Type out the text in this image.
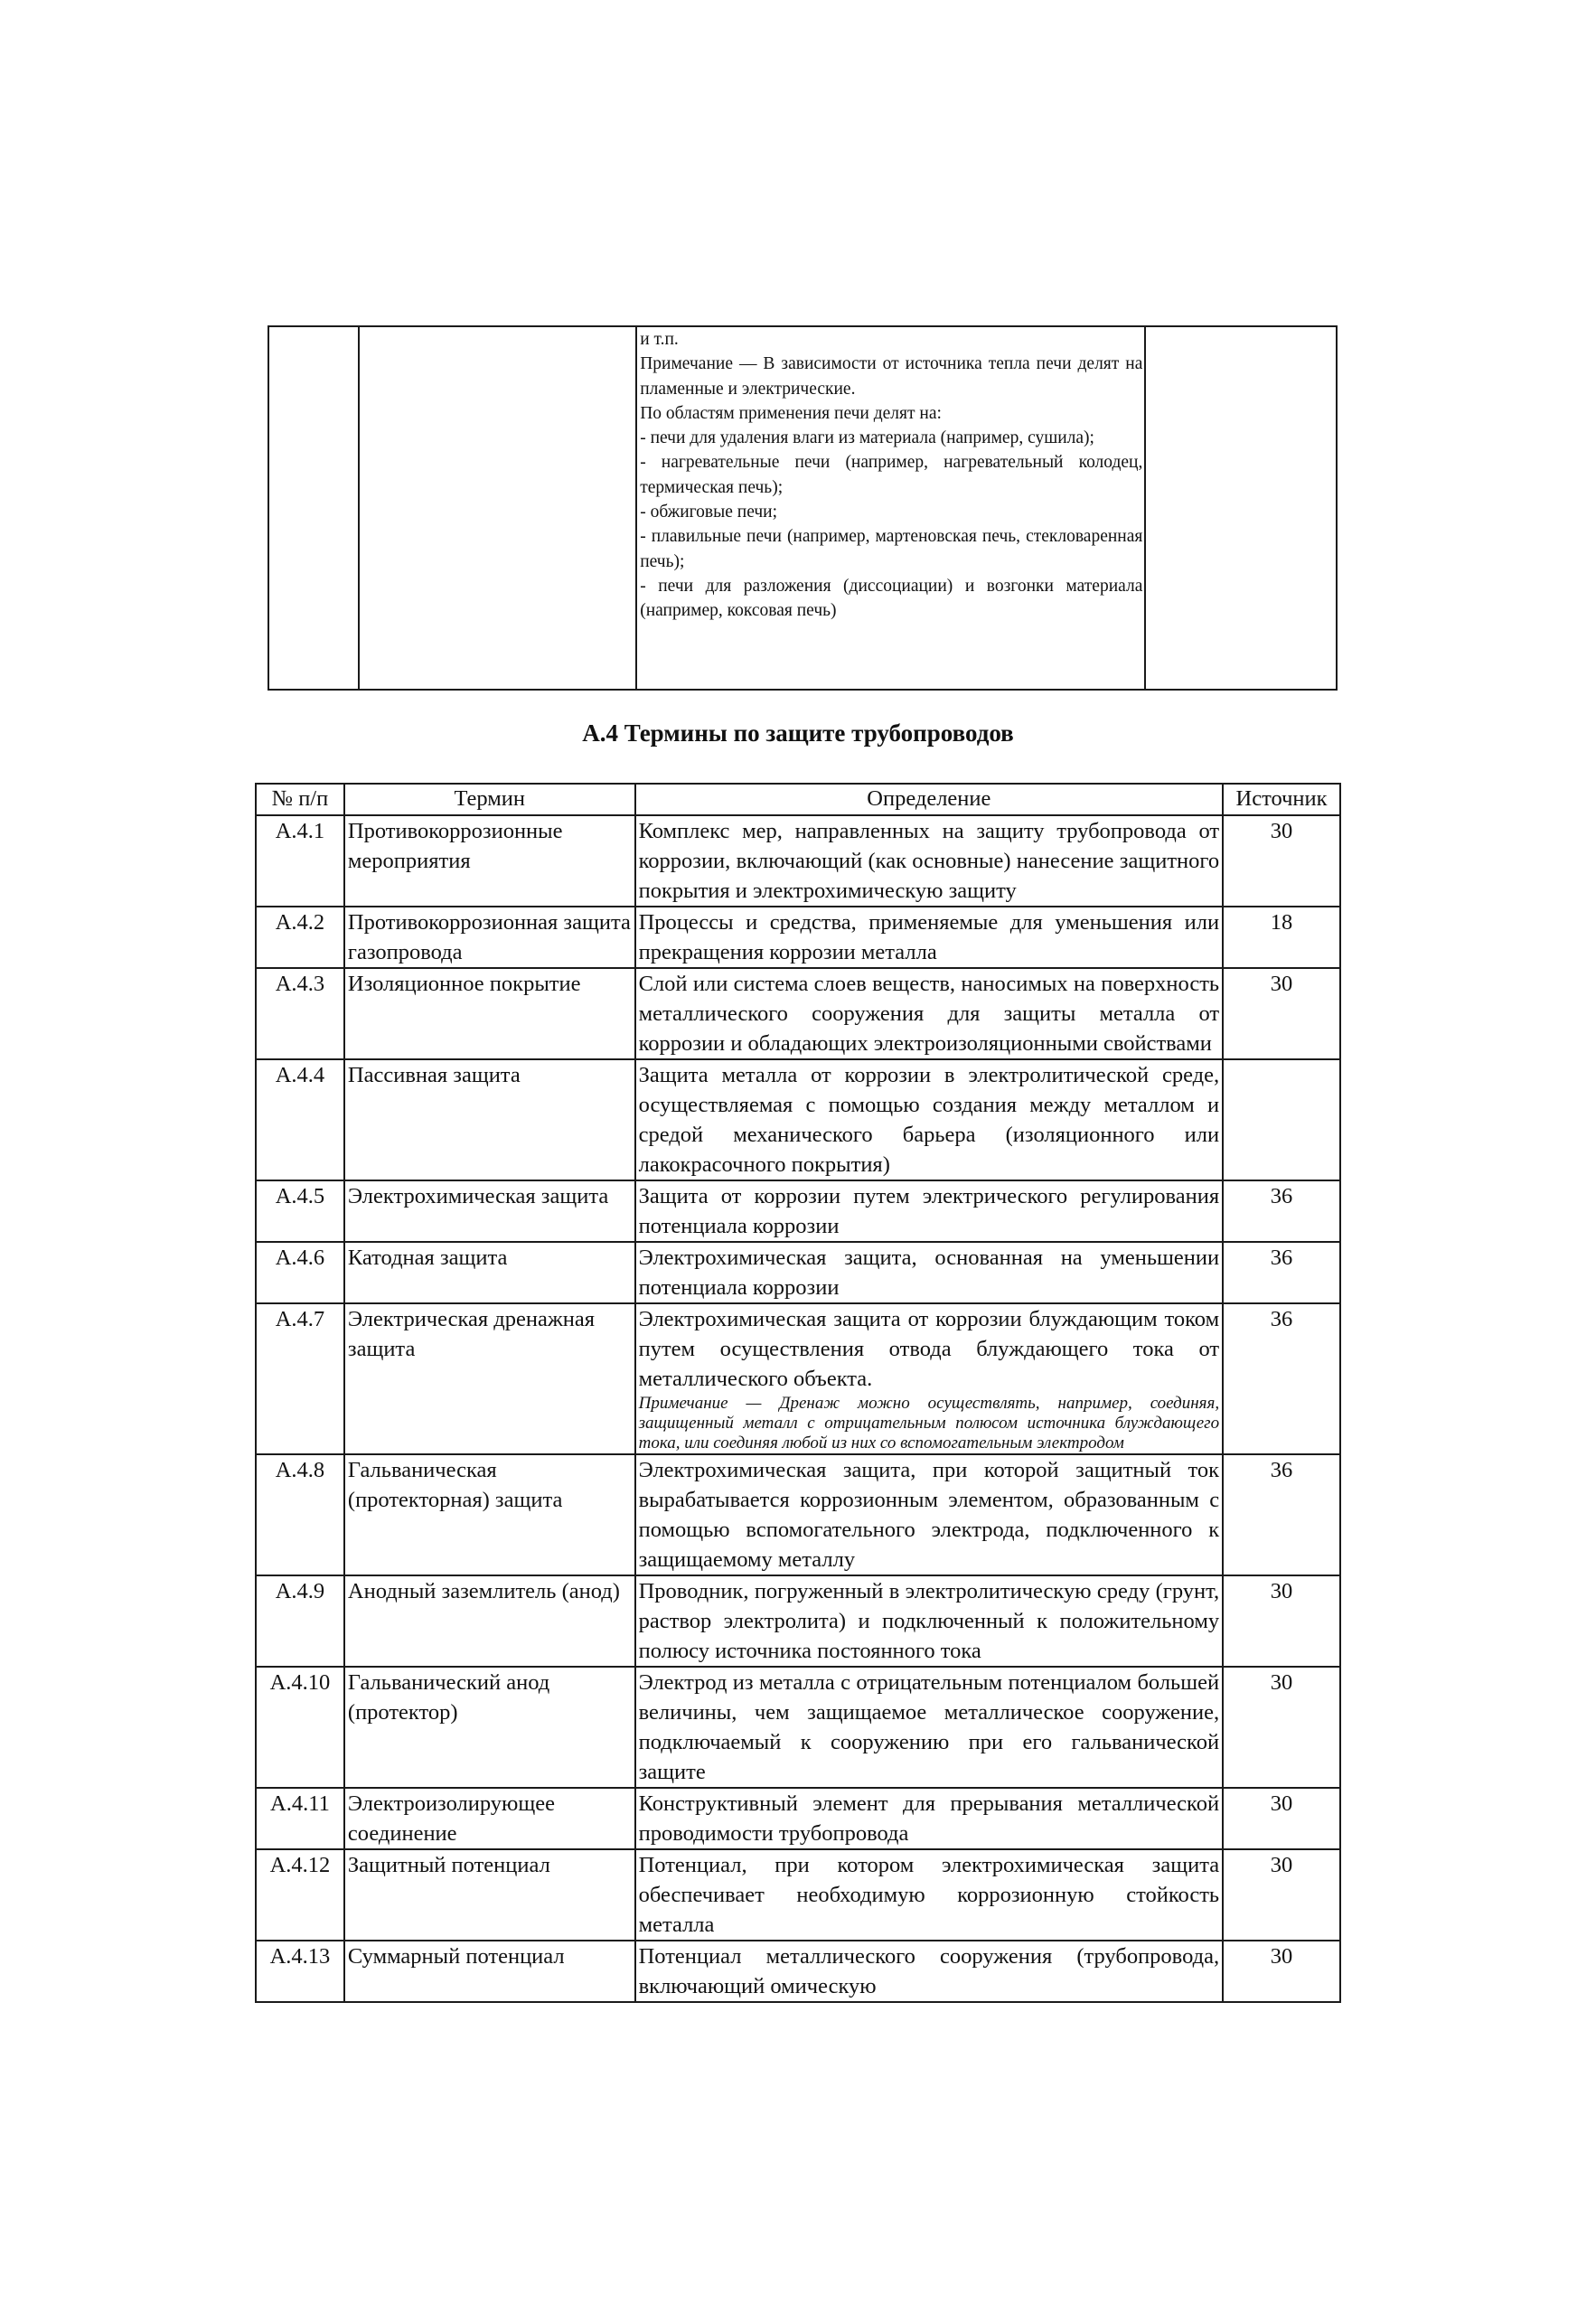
и т.п.
Примечание — В зависимости от источника тепла печи делят на пламенные и электрические.
По областям применения печи делят на:
- печи для удаления влаги из материала (например, сушила);
- нагревательные печи (например, нагревательный колодец, термическая печь);
- обжиговые печи;
- плавильные печи (например, мартеновская печь, стекловаренная печь);
- печи для разложения (диссоциации) и возгонки материала (например, коксовая печь)

А.4 Термины по защите трубопроводов
№ п/п	Термин	Определение	Источник
А.4.1	Противокоррозионные мероприятия	Комплекс мер, направленных на защиту трубопровода от коррозии, включающий (как основные) нанесение защитного покрытия и электрохимическую защиту	30
А.4.2	Противокоррозионная защита газопровода	Процессы и средства, применяемые для уменьшения или прекращения коррозии металла	18
А.4.3	Изоляционное покрытие	Слой или система слоев веществ, наносимых на поверхность металлического сооружения для защиты металла от коррозии и обладающих электроизоляционными свойствами	30
А.4.4	Пассивная защита	Защита металла от коррозии в электролитической среде, осуществляемая с помощью создания между металлом и средой механического барьера (изоляционного или лакокрасочного покрытия)	
А.4.5	Электрохимическая защита	Защита от коррозии путем электрического регулирования потенциала коррозии	36
А.4.6	Катодная защита	Электрохимическая защита, основанная на уменьшении потенциала коррозии	36
А.4.7	Электрическая дренажная защита	Электрохимическая защита от коррозии блуждающим током путем осуществления отвода блуждающего тока от металлического объекта.
Примечание — Дренаж можно осуществлять, например, соединяя, защищенный металл с отрицательным полюсом источника блуждающего тока, или соединяя любой из них со вспомогательным электродом	36
А.4.8	Гальваническая (протекторная) защита	Электрохимическая защита, при которой защитный ток вырабатывается коррозионным элементом, образованным с помощью вспомогательного электрода, подключенного к защищаемому металлу	36
А.4.9	Анодный заземлитель (анод)	Проводник, погруженный в электролитическую среду (грунт, раствор электролита) и подключенный к положительному полюсу источника постоянного тока	30
А.4.10	Гальванический анод (протектор)	Электрод из металла с отрицательным потенциалом большей величины, чем защищаемое металлическое сооружение, подключаемый к сооружению при его гальванической защите	30
А.4.11	Электроизолирующее соединение	Конструктивный элемент для прерывания металлической проводимости трубопровода	30
А.4.12	Защитный потенциал	Потенциал, при котором электрохимическая защита обеспечивает необходимую коррозионную стойкость металла	30
А.4.13	Суммарный потенциал	Потенциал металлического сооружения (трубопровода, включающий омическую	30
